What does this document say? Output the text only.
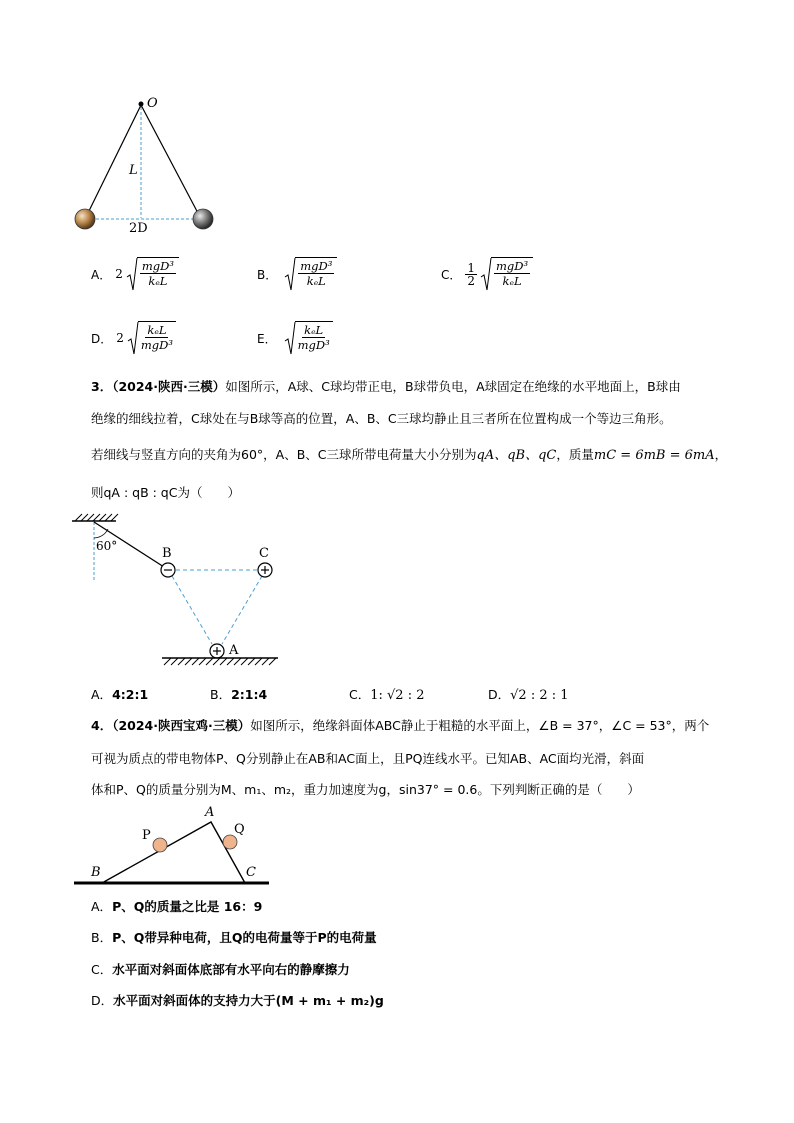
O
L
2D
A． 2
mgD³
kₑL	B．
mgD³
kₑL	C． $\frac{1}{2} mgD^3$
kₑL
D． 2
kₑL
mgD³	E．
kₑL
mgD³
3．（2024·陕西·三模）如图所示，A球、C球均带正电，B球带负电，A球固定在绝缘的水平地面上，B球由
绝缘的细线拉着，C球处在与B球等高的位置，A、B、C三球均静止且三者所在位置构成一个等边三角形。
若细线与竖直方向的夹角为60°，A、B、C三球所带电荷量大小分别为qA、qB、qC，质量mC = 6mB = 6mA，
则qA : qB : qC为（　　）
60°	B	C
A
A．4:2:1	B．2:1:4	C．1: √2 : 2	D．√2 : 2 : 1
4．（2024·陕西宝鸡·三模）如图所示，绝缘斜面体ABC静止于粗糙的水平面上，∠B = 37°，∠C = 53°，两个
可视为质点的带电物体P、Q分别静止在AB和AC面上，且PQ连线水平。已知AB、AC面均光滑，斜面
体和P、Q的质量分别为M、m₁、m₂，重力加速度为g，sin37° = 0.6。下列判断正确的是（　　）
A
B	C
P	Q
A．P、Q的质量之比是 16：9
B．P、Q带异种电荷，且Q的电荷量等于P的电荷量
C．水平面对斜面体底部有水平向右的静摩擦力
D．水平面对斜面体的支持力大于(M + m₁ + m₂)g
